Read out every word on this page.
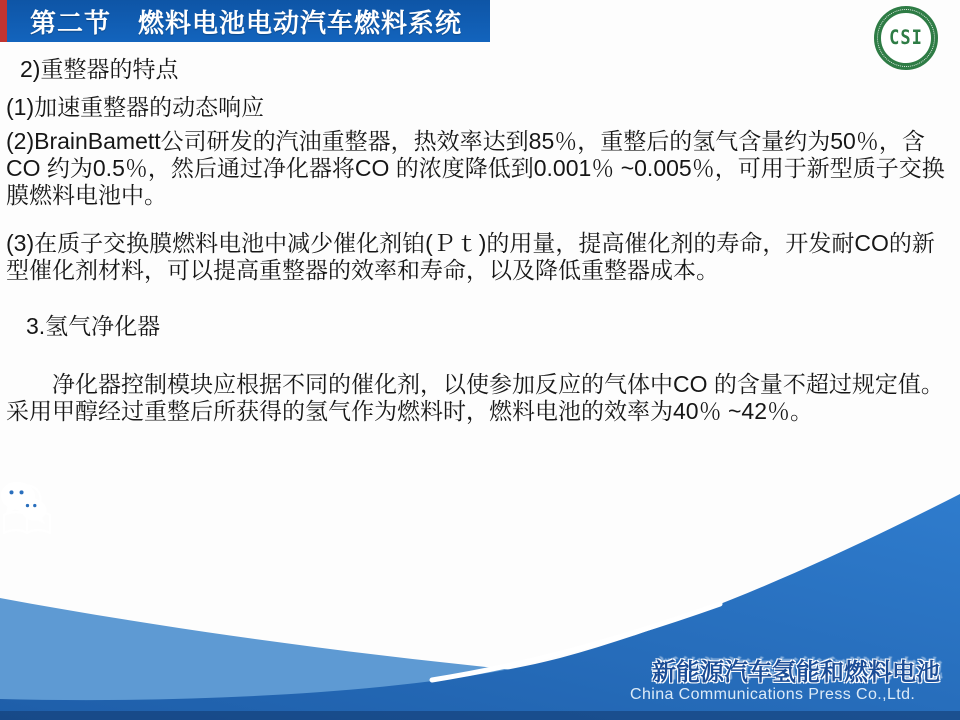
第二节　燃料电池电动汽车燃料系统
CSI

2)重整器的特点

(1)加速重整器的动态响应

(2)BrainBamett公司研发的汽油重整器，热效率达到85％，重整后的氢气含量约为50％，含CO 约为0.5％，然后通过净化器将CO 的浓度降低到0.001％ ~0.005％，可用于新型质子交换膜燃料电池中。

(3)在质子交换膜燃料电池中减少催化剂铂(Ｐｔ)的用量，提高催化剂的寿命，开发耐CO的新型催化剂材料，可以提高重整器的效率和寿命，以及降低重整器成本。

3.氢气净化器

净化器控制模块应根据不同的催化剂，以使参加反应的气体中CO 的含量不超过规定值。采用甲醇经过重整后所获得的氢气作为燃料时，燃料电池的效率为40％ ~42％。

新能源汽车氢能和燃料电池
China Communications Press Co.,Ltd.
